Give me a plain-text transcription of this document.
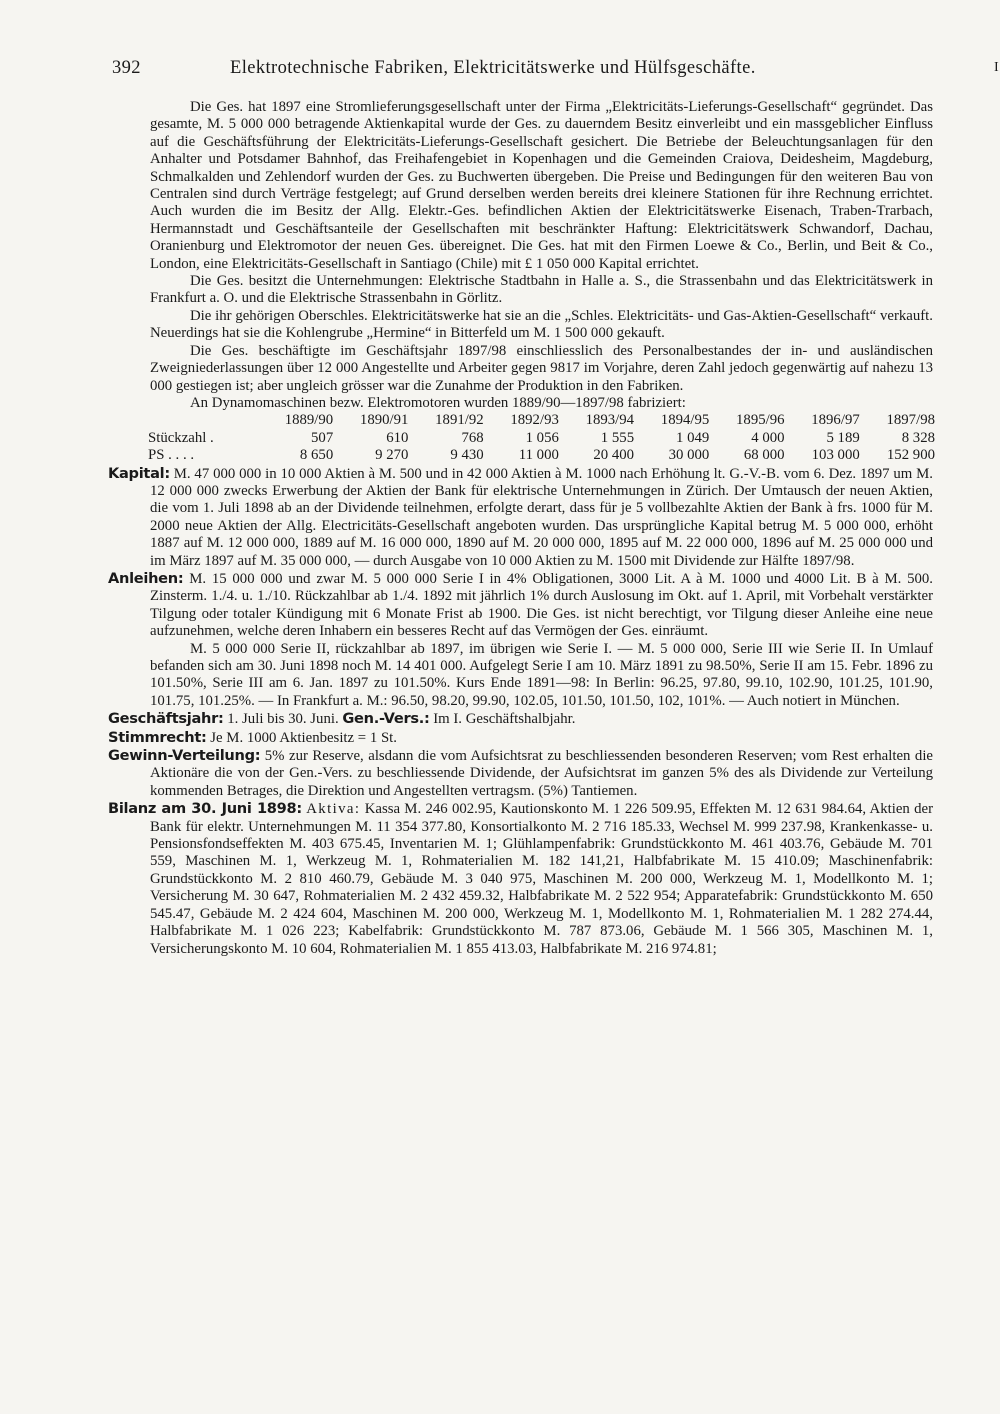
392	Elektrotechnische Fabriken, Elektricitätswerke und Hülfsgeschäfte.	I

Die Ges. hat 1897 eine Stromlieferungsgesellschaft unter der Firma „Elektricitäts-Lieferungs-Gesellschaft“ gegründet. Das gesamte, M. 5 000 000 betragende Aktienkapital wurde der Ges. zu dauerndem Besitz einverleibt und ein massgeblicher Einfluss auf die Geschäftsführung der Elektricitäts-Lieferungs-Gesellschaft gesichert. Die Betriebe der Beleuchtungsanlagen für den Anhalter und Potsdamer Bahnhof, das Freihafengebiet in Kopenhagen und die Gemeinden Craiova, Deidesheim, Magdeburg, Schmalkalden und Zehlendorf wurden der Ges. zu Buchwerten übergeben. Die Preise und Bedingungen für den weiteren Bau von Centralen sind durch Verträge festgelegt; auf Grund derselben werden bereits drei kleinere Stationen für ihre Rechnung errichtet. Auch wurden die im Besitz der Allg. Elektr.-Ges. befindlichen Aktien der Elektricitätswerke Eisenach, Traben-Trarbach, Hermannstadt und Geschäftsanteile der Gesellschaften mit beschränkter Haftung: Elektricitätswerk Schwandorf, Dachau, Oranienburg und Elektromotor der neuen Ges. übereignet. Die Ges. hat mit den Firmen Loewe & Co., Berlin, und Beit & Co., London, eine Elektricitäts-Gesellschaft in Santiago (Chile) mit £ 1 050 000 Kapital errichtet.

Die Ges. besitzt die Unternehmungen: Elektrische Stadtbahn in Halle a. S., die Strassenbahn und das Elektricitätswerk in Frankfurt a. O. und die Elektrische Strassenbahn in Görlitz.

Die ihr gehörigen Oberschles. Elektricitätswerke hat sie an die „Schles. Elektricitäts- und Gas-Aktien-Gesellschaft“ verkauft. Neuerdings hat sie die Kohlengrube „Hermine“ in Bitterfeld um M. 1 500 000 gekauft.

Die Ges. beschäftigte im Geschäftsjahr 1897/98 einschliesslich des Personalbestandes der in- und ausländischen Zweigniederlassungen über 12 000 Angestellte und Arbeiter gegen 9817 im Vorjahre, deren Zahl jedoch gegenwärtig auf nahezu 13 000 gestiegen ist; aber ungleich grösser war die Zunahme der Produktion in den Fabriken.

An Dynamomaschinen bezw. Elektromotoren wurden 1889/90—1897/98 fabriziert:

	1889/90	1890/91	1891/92	1892/93	1893/94	1894/95	1895/96	1896/97	1897/98
Stückzahl .	507	610	768	1 056	1 555	1 049	4 000	5 189	8 328
PS . . . .	8 650	9 270	9 430	11 000	20 400	30 000	68 000	103 000	152 900

Kapital: M. 47 000 000 in 10 000 Aktien à M. 500 und in 42 000 Aktien à M. 1000 nach Erhöhung lt. G.-V.-B. vom 6. Dez. 1897 um M. 12 000 000 zwecks Erwerbung der Aktien der Bank für elektrische Unternehmungen in Zürich. Der Umtausch der neuen Aktien, die vom 1. Juli 1898 ab an der Dividende teilnehmen, erfolgte derart, dass für je 5 vollbezahlte Aktien der Bank à frs. 1000 für M. 2000 neue Aktien der Allg. Electricitäts-Gesellschaft angeboten wurden. Das ursprüngliche Kapital betrug M. 5 000 000, erhöht 1887 auf M. 12 000 000, 1889 auf M. 16 000 000, 1890 auf M. 20 000 000, 1895 auf M. 22 000 000, 1896 auf M. 25 000 000 und im März 1897 auf M. 35 000 000, — durch Ausgabe von 10 000 Aktien zu M. 1500 mit Dividende zur Hälfte 1897/98.

Anleihen: M. 15 000 000 und zwar M. 5 000 000 Serie I in 4% Obligationen, 3000 Lit. A à M. 1000 und 4000 Lit. B à M. 500. Zinsterm. 1./4. u. 1./10. Rückzahlbar ab 1./4. 1892 mit jährlich 1% durch Auslosung im Okt. auf 1. April, mit Vorbehalt verstärkter Tilgung oder totaler Kündigung mit 6 Monate Frist ab 1900. Die Ges. ist nicht berechtigt, vor Tilgung dieser Anleihe eine neue aufzunehmen, welche deren Inhabern ein besseres Recht auf das Vermögen der Ges. einräumt.

M. 5 000 000 Serie II, rückzahlbar ab 1897, im übrigen wie Serie I. — M. 5 000 000, Serie III wie Serie II. In Umlauf befanden sich am 30. Juni 1898 noch M. 14 401 000. Aufgelegt Serie I am 10. März 1891 zu 98.50%, Serie II am 15. Febr. 1896 zu 101.50%, Serie III am 6. Jan. 1897 zu 101.50%. Kurs Ende 1891—98: In Berlin: 96.25, 97.80, 99.10, 102.90, 101.25, 101.90, 101.75, 101.25%. — In Frankfurt a. M.: 96.50, 98.20, 99.90, 102.05, 101.50, 101.50, 102, 101%. — Auch notiert in München.

Geschäftsjahr: 1. Juli bis 30. Juni. Gen.-Vers.: Im I. Geschäftshalbjahr.

Stimmrecht: Je M. 1000 Aktienbesitz = 1 St.

Gewinn-Verteilung: 5% zur Reserve, alsdann die vom Aufsichtsrat zu beschliessenden besonderen Reserven; vom Rest erhalten die Aktionäre die von der Gen.-Vers. zu beschliessende Dividende, der Aufsichtsrat im ganzen 5% des als Dividende zur Verteilung kommenden Betrages, die Direktion und Angestellten vertragsm. (5%) Tantiemen.

Bilanz am 30. Juni 1898: Aktiva: Kassa M. 246 002.95, Kautionskonto M. 1 226 509.95, Effekten M. 12 631 984.64, Aktien der Bank für elektr. Unternehmungen M. 11 354 377.80, Konsortialkonto M. 2 716 185.33, Wechsel M. 999 237.98, Krankenkasse- u. Pensionsfondseffekten M. 403 675.45, Inventarien M. 1; Glühlampenfabrik: Grundstückkonto M. 461 403.76, Gebäude M. 701 559, Maschinen M. 1, Werkzeug M. 1, Rohmaterialien M. 182 141,21, Halbfabrikate M. 15 410.09; Maschinenfabrik: Grundstückkonto M. 2 810 460.79, Gebäude M. 3 040 975, Maschinen M. 200 000, Werkzeug M. 1, Modellkonto M. 1; Versicherung M. 30 647, Rohmaterialien M. 2 432 459.32, Halbfabrikate M. 2 522 954; Apparatefabrik: Grundstückkonto M. 650 545.47, Gebäude M. 2 424 604, Maschinen M. 200 000, Werkzeug M. 1, Modellkonto M. 1, Rohmaterialien M. 1 282 274.44, Halbfabrikate M. 1 026 223; Kabelfabrik: Grundstückkonto M. 787 873.06, Gebäude M. 1 566 305, Maschinen M. 1, Versicherungskonto M. 10 604, Rohmaterialien M. 1 855 413.03, Halbfabrikate M. 216 974.81;
